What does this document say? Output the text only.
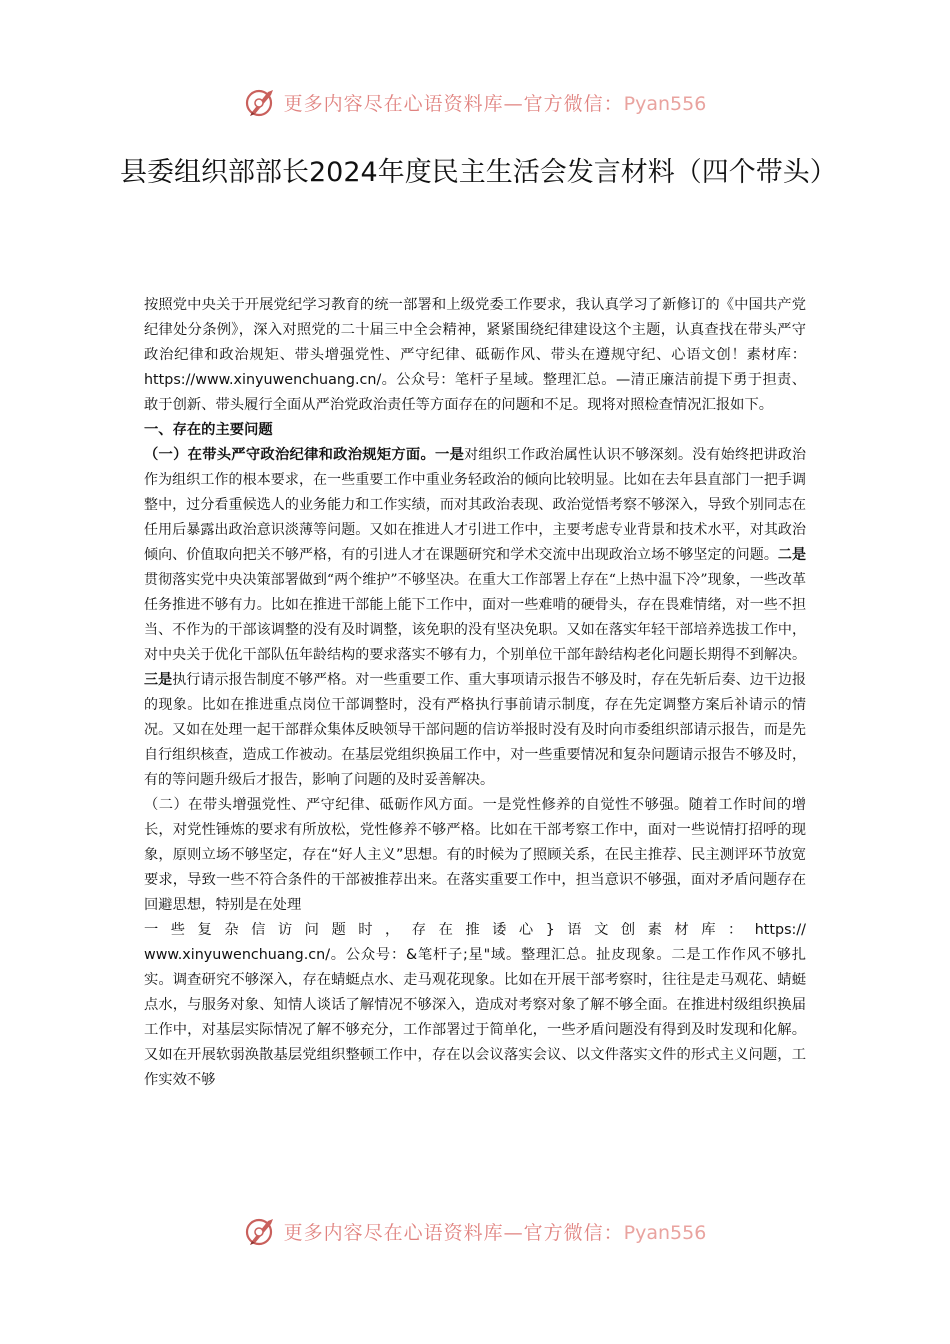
更多内容尽在心语资料库—官方微信：Pyan556
县委组织部部长2024年度民主生活会发言材料（四个带头）

按照党中央关于开展党纪学习教育的统一部署和上级党委工作要求，我认真学习了新修订的《中国共产党纪律处分条例》，深入对照党的二十届三中全会精神，紧紧围绕纪律建设这个主题，认真查找在带头严守政治纪律和政治规矩、带头增强党性、严守纪律、砥砺作风、带头在遵规守纪、心语文创！素材库：https://www.xinyuwenchuang.cn/。公众号：笔杆子星域。整理汇总。—清正廉洁前提下勇于担责、敢于创新、带头履行全面从严治党政治责任等方面存在的问题和不足。现将对照检查情况汇报如下。

一、存在的主要问题

（一）在带头严守政治纪律和政治规矩方面。一是对组织工作政治属性认识不够深刻。没有始终把讲政治作为组织工作的根本要求，在一些重要工作中重业务轻政治的倾向比较明显。比如在去年县直部门一把手调整中，过分看重候选人的业务能力和工作实绩，而对其政治表现、政治觉悟考察不够深入，导致个别同志在任用后暴露出政治意识淡薄等问题。又如在推进人才引进工作中，主要考虑专业背景和技术水平，对其政治倾向、价值取向把关不够严格，有的引进人才在课题研究和学术交流中出现政治立场不够坚定的问题。二是贯彻落实党中央决策部署做到“两个维护”不够坚决。在重大工作部署上存在“上热中温下冷”现象，一些改革任务推进不够有力。比如在推进干部能上能下工作中，面对一些难啃的硬骨头，存在畏难情绪，对一些不担当、不作为的干部该调整的没有及时调整，该免职的没有坚决免职。又如在落实年轻干部培养选拔工作中，对中央关于优化干部队伍年龄结构的要求落实不够有力，个别单位干部年龄结构老化问题长期得不到解决。三是执行请示报告制度不够严格。对一些重要工作、重大事项请示报告不够及时，存在先斩后奏、边干边报的现象。比如在推进重点岗位干部调整时，没有严格执行事前请示制度，存在先定调整方案后补请示的情况。又如在处理一起干部群众集体反映领导干部问题的信访举报时没有及时向市委组织部请示报告，而是先自行组织核查，造成工作被动。在基层党组织换届工作中，对一些重要情况和复杂问题请示报告不够及时，有的等问题升级后才报告，影响了问题的及时妥善解决。

（二）在带头增强党性、严守纪律、砥砺作风方面。一是党性修养的自觉性不够强。随着工作时间的增长，对党性锤炼的要求有所放松，党性修养不够严格。比如在干部考察工作中，面对一些说情打招呼的现象，原则立场不够坚定，存在“好人主义”思想。有的时候为了照顾关系，在民主推荐、民主测评环节放宽要求，导致一些不符合条件的干部被推荐出来。在落实重要工作中，担当意识不够强，面对矛盾问题存在回避思想，特别是在处理
一些复杂信访问题时，存在推诿心}语文创素材库：https://
www.xinyuwenchuang.cn/。公众号：&笔杆子;星"域。整理汇总。扯皮现象。二是工作作风不够扎实。调查研究不够深入，存在蜻蜓点水、走马观花现象。比如在开展干部考察时，往往是走马观花、蜻蜓点水，与服务对象、知情人谈话了解情况不够深入，造成对考察对象了解不够全面。在推进村级组织换届工作中，对基层实际情况了解不够充分，工作部署过于简单化，一些矛盾问题没有得到及时发现和化解。又如在开展软弱涣散基层党组织整顿工作中，存在以会议落实会议、以文件落实文件的形式主义问题，工作实效不够

更多内容尽在心语资料库—官方微信：Pyan556
